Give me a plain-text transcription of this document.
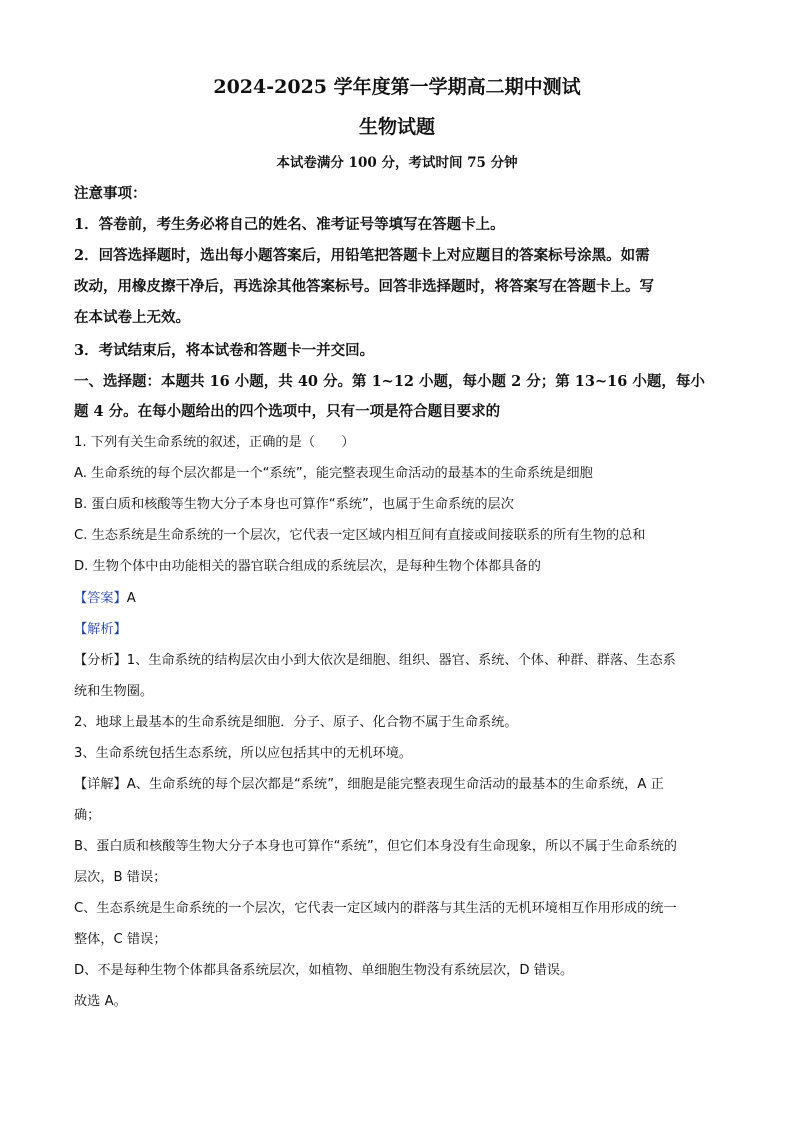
2024-2025 学年度第一学期高二期中测试
生物试题
本试卷满分 100 分，考试时间 75 分钟
注意事项：
1．答卷前，考生务必将自己的姓名、准考证号等填写在答题卡上。
2．回答选择题时，选出每小题答案后，用铅笔把答题卡上对应题目的答案标号涂黑。如需
改动，用橡皮擦干净后，再选涂其他答案标号。回答非选择题时，将答案写在答题卡上。写
在本试卷上无效。
3．考试结束后，将本试卷和答题卡一并交回。
一、选择题：本题共 16 小题，共 40 分。第 1~12 小题，每小题 2 分；第 13~16 小题，每小
题 4 分。在每小题给出的四个选项中，只有一项是符合题目要求的
1. 下列有关生命系统的叙述，正确的是（　　）
A. 生命系统的每个层次都是一个“系统”，能完整表现生命活动的最基本的生命系统是细胞
B. 蛋白质和核酸等生物大分子本身也可算作“系统”，也属于生命系统的层次
C. 生态系统是生命系统的一个层次，它代表一定区域内相互间有直接或间接联系的所有生物的总和
D. 生物个体中由功能相关的器官联合组成的系统层次，是每种生物个体都具备的
【答案】A
【解析】
【分析】1、生命系统的结构层次由小到大依次是细胞、组织、器官、系统、个体、种群、群落、生态系
统和生物圈。
2、地球上最基本的生命系统是细胞．分子、原子、化合物不属于生命系统。
3、生命系统包括生态系统，所以应包括其中的无机环境。
【详解】A、生命系统的每个层次都是“系统”，细胞是能完整表现生命活动的最基本的生命系统，A 正
确；
B、蛋白质和核酸等生物大分子本身也可算作“系统”，但它们本身没有生命现象，所以不属于生命系统的
层次，B 错误；
C、生态系统是生命系统的一个层次，它代表一定区域内的群落与其生活的无机环境相互作用形成的统一
整体，C 错误；
D、不是每种生物个体都具备系统层次，如植物、单细胞生物没有系统层次，D 错误。
故选 A。
